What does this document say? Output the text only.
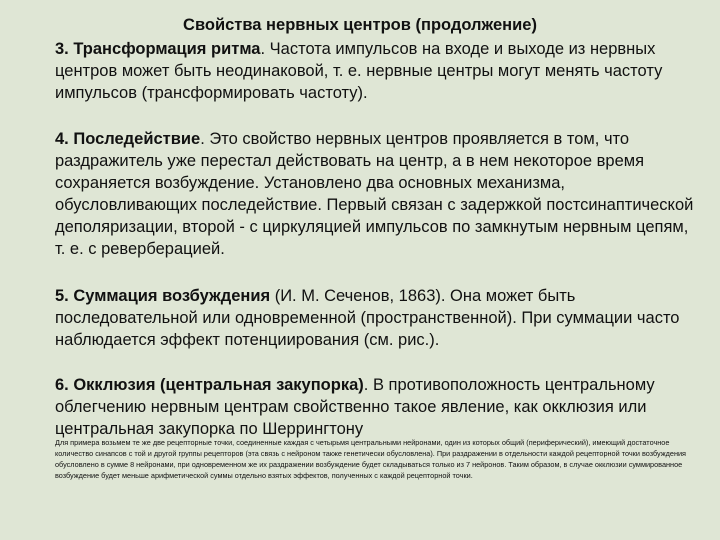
Свойства нервных центров (продолжение)
3. Трансформация ритма. Частота импульсов на входе и выходе из нервных центров может быть неодинаковой, т. е. нервные центры могут менять частоту импульсов (трансформировать частоту).
4. Последействие. Это свойство нервных центров проявляется в том, что раздражитель уже перестал действовать на центр, а в нем некоторое время сохраняется возбуждение. Установлено два основных механизма, обусловливающих последействие. Первый связан с задержкой постсинаптической деполяризации, второй - с циркуляцией импульсов по замкнутым нервным цепям, т. е. с реверберацией.
5. Суммация возбуждения (И. М. Сеченов, 1863). Она может быть последовательной или одновременной (пространственной). При суммации часто наблюдается эффект потенциирования (см. рис.).
6. Окклюзия (центральная закупорка). В противоположность центральному облегчению нервным центрам свойственно такое явление, как окклюзия или центральная закупорка по Шеррингтону
Для примера возьмем те же две рецепторные точки, соединенные каждая с четырьмя центральными нейронами, один из которых общий (периферический), имеющий достаточное количество синапсов с той и другой группы рецепторов (эта связь с нейроном также генетически обусловлена). При раздражении в отдельности каждой рецепторной точки возбуждения обусловлено в сумме 8 нейронами, при одновременном же их раздражении возбуждение будет складываться только из 7 нейронов. Таким образом, в случае окклюзии суммированное возбуждение будет меньше арифметической суммы отдельно взятых эффектов, полученных с каждой рецепторной точки.
